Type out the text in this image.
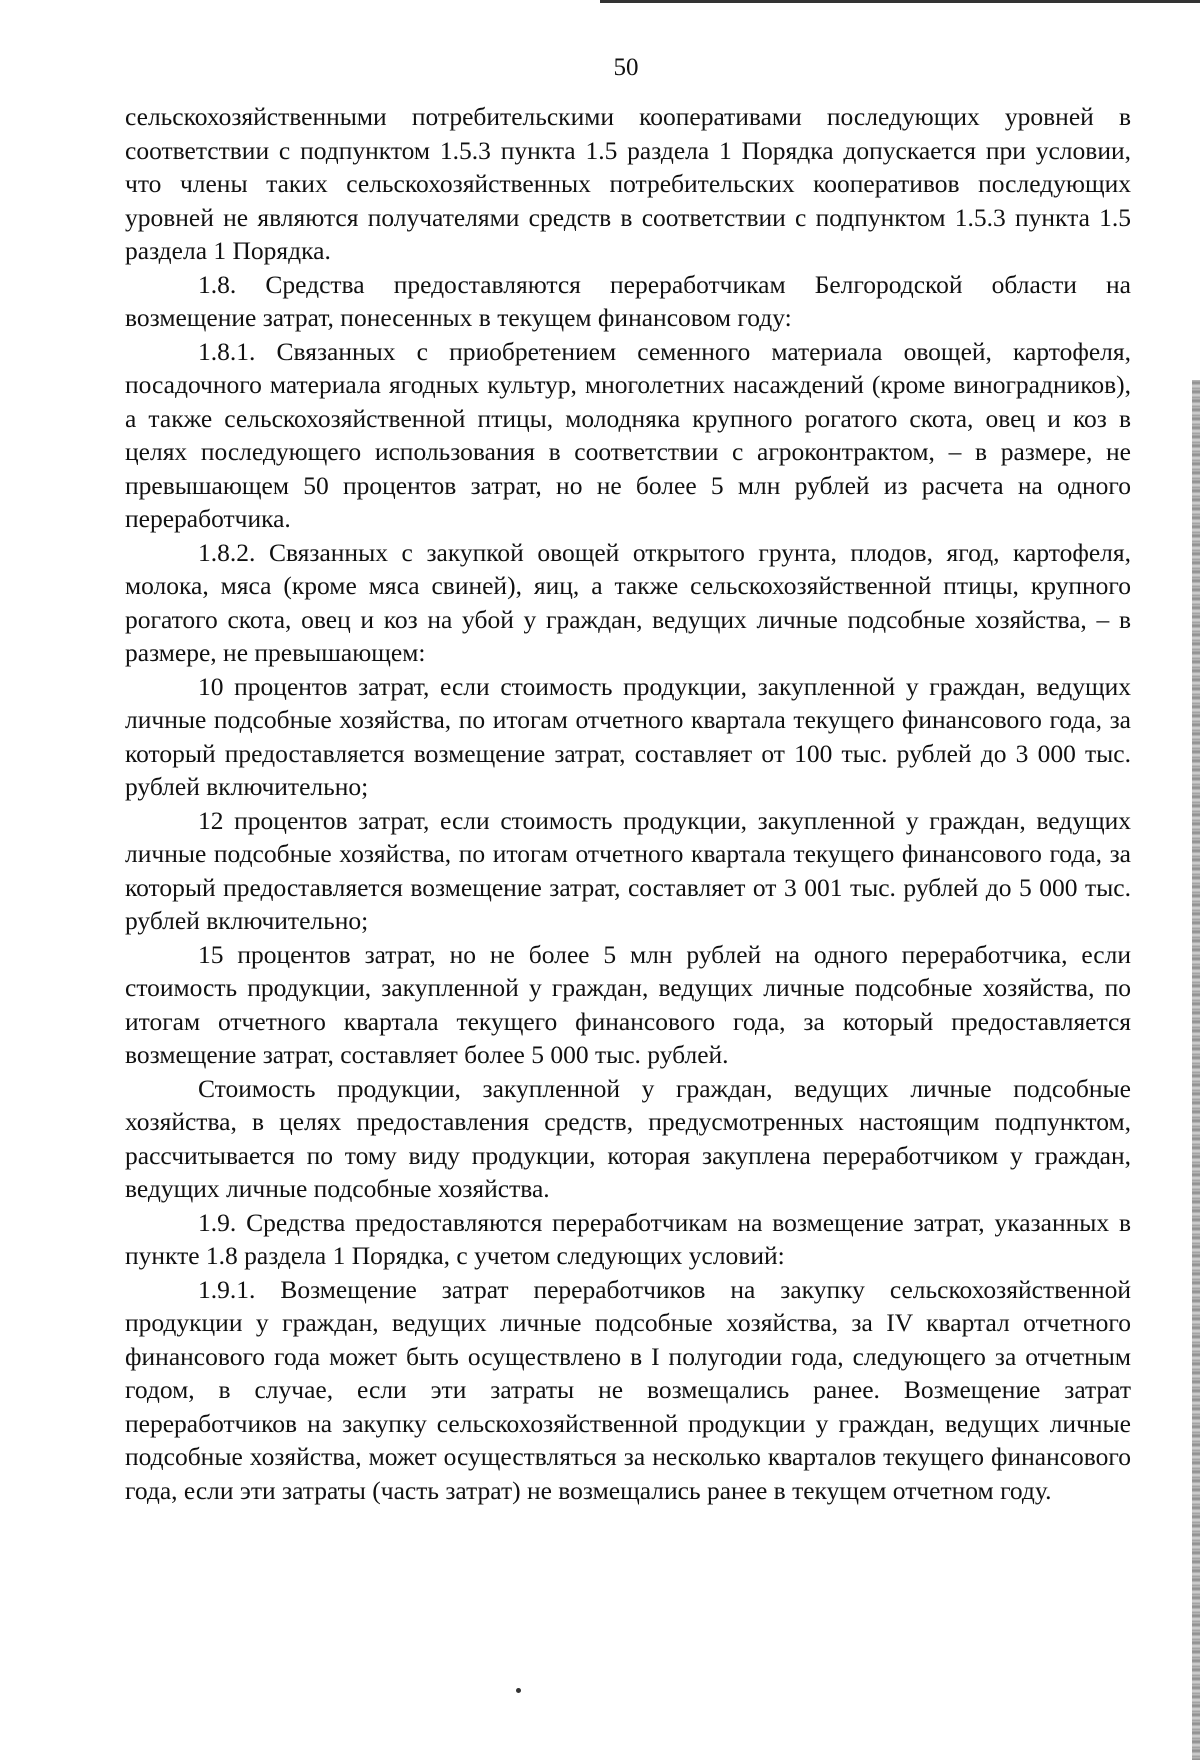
50

сельскохозяйственными потребительскими кооперативами последующих уровней в соответствии с подпунктом 1.5.3 пункта 1.5 раздела 1 Порядка допускается при условии, что члены таких сельскохозяйственных потребительских кооперативов последующих уровней не являются получателями средств в соответствии с подпунктом 1.5.3 пункта 1.5 раздела 1 Порядка.

1.8. Средства предоставляются переработчикам Белгородской области на возмещение затрат, понесенных в текущем финансовом году:

1.8.1. Связанных с приобретением семенного материала овощей, картофеля, посадочного материала ягодных культур, многолетних насаждений (кроме виноградников), а также сельскохозяйственной птицы, молодняка крупного рогатого скота, овец и коз в целях последующего использования в соответствии с агроконтрактом, – в размере, не превышающем 50 процентов затрат, но не более 5 млн рублей из расчета на одного переработчика.

1.8.2. Связанных с закупкой овощей открытого грунта, плодов, ягод, картофеля, молока, мяса (кроме мяса свиней), яиц, а также сельскохозяйственной птицы, крупного рогатого скота, овец и коз на убой у граждан, ведущих личные подсобные хозяйства, – в размере, не превышающем:

10 процентов затрат, если стоимость продукции, закупленной у граждан, ведущих личные подсобные хозяйства, по итогам отчетного квартала текущего финансового года, за который предоставляется возмещение затрат, составляет от 100 тыс. рублей до 3 000 тыс. рублей включительно;

12 процентов затрат, если стоимость продукции, закупленной у граждан, ведущих личные подсобные хозяйства, по итогам отчетного квартала текущего финансового года, за который предоставляется возмещение затрат, составляет от 3 001 тыс. рублей до 5 000 тыс. рублей включительно;

15 процентов затрат, но не более 5 млн рублей на одного переработчика, если стоимость продукции, закупленной у граждан, ведущих личные подсобные хозяйства, по итогам отчетного квартала текущего финансового года, за который предоставляется возмещение затрат, составляет более 5 000 тыс. рублей.

Стоимость продукции, закупленной у граждан, ведущих личные подсобные хозяйства, в целях предоставления средств, предусмотренных настоящим подпунктом, рассчитывается по тому виду продукции, которая закуплена переработчиком у граждан, ведущих личные подсобные хозяйства.

1.9. Средства предоставляются переработчикам на возмещение затрат, указанных в пункте 1.8 раздела 1 Порядка, с учетом следующих условий:

1.9.1. Возмещение затрат переработчиков на закупку сельскохозяйственной продукции у граждан, ведущих личные подсобные хозяйства, за IV квартал отчетного финансового года может быть осуществлено в I полугодии года, следующего за отчетным годом, в случае, если эти затраты не возмещались ранее. Возмещение затрат переработчиков на закупку сельскохозяйственной продукции у граждан, ведущих личные подсобные хозяйства, может осуществляться за несколько кварталов текущего финансового года, если эти затраты (часть затрат) не возмещались ранее в текущем отчетном году.
